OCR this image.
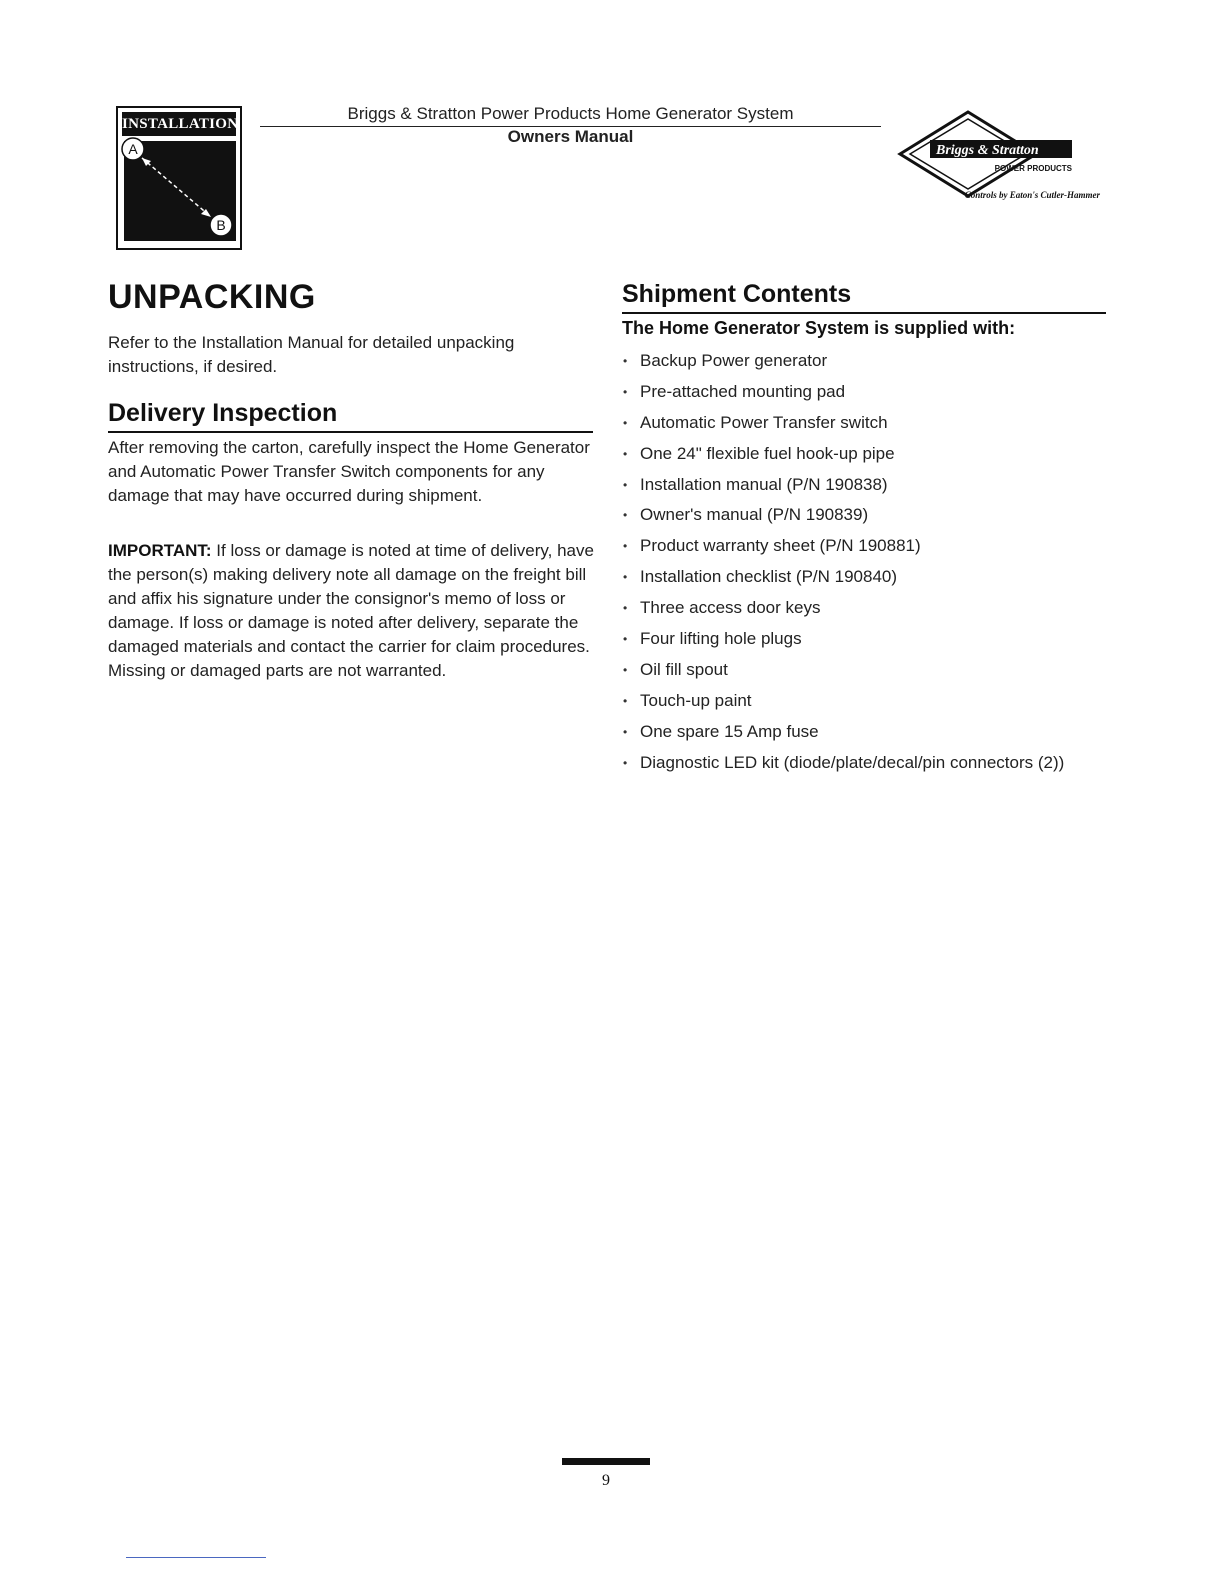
INSTALLATION
A
B
Briggs & Stratton Power Products Home Generator System
Owners Manual
Briggs & Stratton
POWER PRODUCTS
Controls by Eaton's Cutler-Hammer
UNPACKING
Refer to the Installation Manual for detailed unpacking instructions, if desired.
Delivery Inspection
After removing the carton, carefully inspect the Home Generator and Automatic Power Transfer Switch components for any damage that may have occurred during shipment.
IMPORTANT: If loss or damage is noted at time of delivery, have the person(s) making delivery note all damage on the freight bill and affix his signature under the consignor's memo of loss or damage. If loss or damage is noted after delivery, separate the damaged materials and contact the carrier for claim procedures. Missing or damaged parts are not warranted.
Shipment Contents
The Home Generator System is supplied with:
• Backup Power generator
• Pre-attached mounting pad
• Automatic Power Transfer switch
• One 24" flexible fuel hook-up pipe
• Installation manual (P/N 190838)
• Owner's manual (P/N 190839)
• Product warranty sheet (P/N 190881)
• Installation checklist (P/N 190840)
• Three access door keys
• Four lifting hole plugs
• Oil fill spout
• Touch-up paint
• One spare 15 Amp fuse
• Diagnostic LED kit (diode/plate/decal/pin connectors (2))
9
